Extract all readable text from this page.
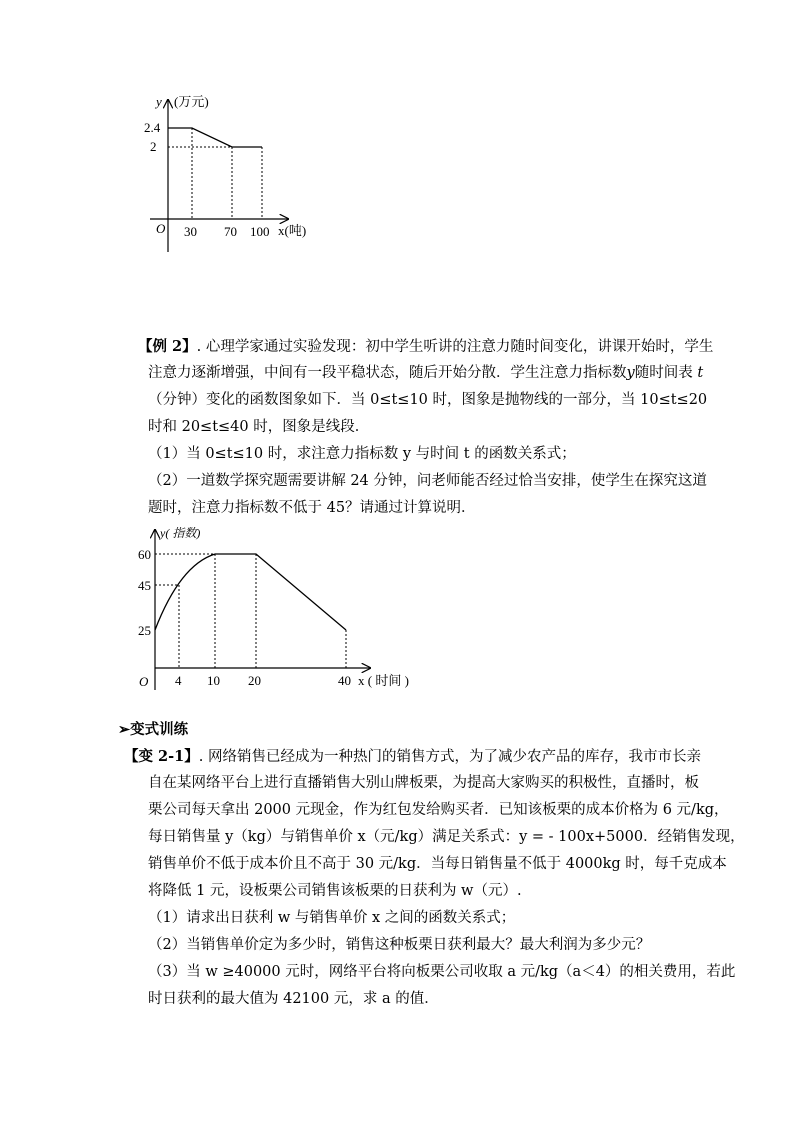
y (万元)
2.4
2
O 30 70 100 x(吨)
【例 2】. 心理学家通过实验发现：初中学生听讲的注意力随时间变化，讲课开始时，学生
注意力逐渐增强，中间有一段平稳状态，随后开始分散．学生注意力指标数y随时间表 t
（分钟）变化的函数图象如下．当 0≤t≤10 时，图象是抛物线的一部分，当 10≤t≤20
时和 20≤t≤40 时，图象是线段．
（1）当 0≤t≤10 时，求注意力指标数 y 与时间 t 的函数关系式；
（2）一道数学探究题需要讲解 24 分钟，问老师能否经过恰当安排，使学生在探究这道
题时，注意力指标数不低于 45？请通过计算说明．
y( 指数)
60
45
25
O 4 10 20	40 x ( 时间 )
➢变式训练
【变 2-1】. 网络销售已经成为一种热门的销售方式，为了减少农产品的库存，我市市长亲
自在某网络平台上进行直播销售大别山牌板栗，为提高大家购买的积极性，直播时，板
栗公司每天拿出 2000 元现金，作为红包发给购买者．已知该板栗的成本价格为 6 元/kg，
每日销售量 y（kg）与销售单价 x（元/kg）满足关系式：y = - 100x+5000．经销售发现，
销售单价不低于成本价且不高于 30 元/kg．当每日销售量不低于 4000kg 时，每千克成本
将降低 1 元，设板栗公司销售该板栗的日获利为 w（元）.
（1）请求出日获利 w 与销售单价 x 之间的函数关系式；
（2）当销售单价定为多少时，销售这种板栗日获利最大？最大利润为多少元？
（3）当 w ≥40000 元时，网络平台将向板栗公司收取 a 元/kg（a＜4）的相关费用，若此
时日获利的最大值为 42100 元，求 a 的值．
